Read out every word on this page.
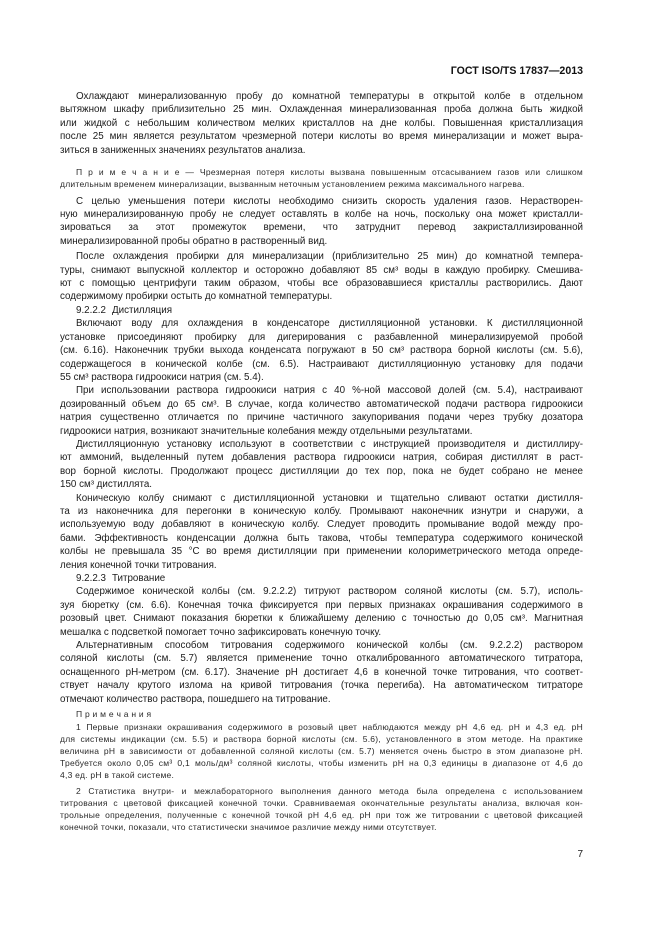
ГОСТ ISO/TS 17837—2013
Охлаждают минерализованную пробу до комнатной температуры в открытой колбе в отдельном
вытяжном шкафу приблизительно 25 мин. Охлажденная минерализованная проба должна быть жидкой
или жидкой с небольшим количеством мелких кристаллов на дне колбы. Повышенная кристаллизация
после 25 мин является результатом чрезмерной потери кислоты во время минерализации и может выра-
зиться в заниженных значениях результатов анализа.
П р и м е ч а н и е — Чрезмерная потеря кислоты вызвана повышенным отсасыванием газов или слишком
длительным временем минерализации, вызванным неточным установлением режима максимального нагрева.
С целью уменьшения потери кислоты необходимо снизить скорость удаления газов. Нерастворен-
ную минерализированную пробу не следует оставлять в колбе на ночь, поскольку она может кристалли-
зироваться за этот промежуток времени, что затруднит перевод закристаллизированной
минерализированной пробы обратно в растворенный вид.
После охлаждения пробирки для минерализации (приблизительно 25 мин) до комнатной темпера-
туры, снимают выпускной коллектор и осторожно добавляют 85 см³ воды в каждую пробирку. Смешива-
ют с помощью центрифуги таким образом, чтобы все образовавшиеся кристаллы растворились. Дают
содержимому пробирки остыть до комнатной температуры.
9.2.2.2 Дистилляция
Включают воду для охлаждения в конденсаторе дистилляционной установки. К дистилляционной
установке присоединяют пробирку для дигерирования с разбавленной минерализируемой пробой
(см. 6.16). Наконечник трубки выхода конденсата погружают в 50 см³ раствора борной кислоты (см. 5.6),
содержащегося в конической колбе (см. 6.5). Настраивают дистилляционную установку для подачи
55 см³ раствора гидроокиси натрия (см. 5.4).
При использовании раствора гидроокиси натрия с 40 %-ной массовой долей (см. 5.4), настраивают
дозированный объем до 65 см³. В случае, когда количество автоматической подачи раствора гидроокиси
натрия существенно отличается по причине частичного закупоривания подачи через трубку дозатора
гидроокиси натрия, возникают значительные колебания между отдельными результатами.
Дистилляционную установку используют в соответствии с инструкцией производителя и дистиллиру-
ют аммоний, выделенный путем добавления раствора гидроокиси натрия, собирая дистиллят в раст-
вор борной кислоты. Продолжают процесс дистилляции до тех пор, пока не будет собрано не менее
150 см³ дистиллята.
Коническую колбу снимают с дистилляционной установки и тщательно сливают остатки дистилля-
та из наконечника для перегонки в коническую колбу. Промывают наконечник изнутри и снаружи, а
используемую воду добавляют в коническую колбу. Следует проводить промывание водой между про-
бами. Эффективность конденсации должна быть такова, чтобы температура содержимого конической
колбы не превышала 35 °С во время дистилляции при применении колориметрического метода опреде-
ления конечной точки титрования.
9.2.2.3 Титрование
Содержимое конической колбы (см. 9.2.2.2) титруют раствором соляной кислоты (см. 5.7), исполь-
зуя бюретку (см. 6.6). Конечная точка фиксируется при первых признаках окрашивания содержимого в
розовый цвет. Снимают показания бюретки к ближайшему делению с точностью до 0,05 см³. Магнитная
мешалка с подсветкой помогает точно зафиксировать конечную точку.
Альтернативным способом титрования содержимого конической колбы (см. 9.2.2.2) раствором
соляной кислоты (см. 5.7) является применение точно откалиброванного автоматического титратора,
оснащенного рН-метром (см. 6.17). Значение рН достигает 4,6 в конечной точке титрования, что соответ-
ствует началу крутого излома на кривой титрования (точка перегиба). На автоматическом титраторе
отмечают количество раствора, пошедшего на титрование.
П р и м е ч а н и я
1 Первые признаки окрашивания содержимого в розовый цвет наблюдаются между рН 4,6 ед. рН и 4,3 ед. рН
для системы индикации (см. 5.5) и раствора борной кислоты (см. 5.6), установленного в этом методе. На практике
величина рН в зависимости от добавленной соляной кислоты (см. 5.7) меняется очень быстро в этом диапазоне рН.
Требуется около 0,05 см³ 0,1 моль/дм³ соляной кислоты, чтобы изменить рН на 0,3 единицы в диапазоне от 4,6 до
4,3 ед. рН в такой системе.
2 Статистика внутри- и межлабораторного выполнения данного метода была определена с использованием
титрования с цветовой фиксацией конечной точки. Сравниваемая окончательные результаты анализа, включая кон-
трольные определения, полученные с конечной точкой рН 4,6 ед. рН при тож же титровании с цветовой фиксацией
конечной точки, показали, что статистически значимое различие между ними отсутствует.
7
